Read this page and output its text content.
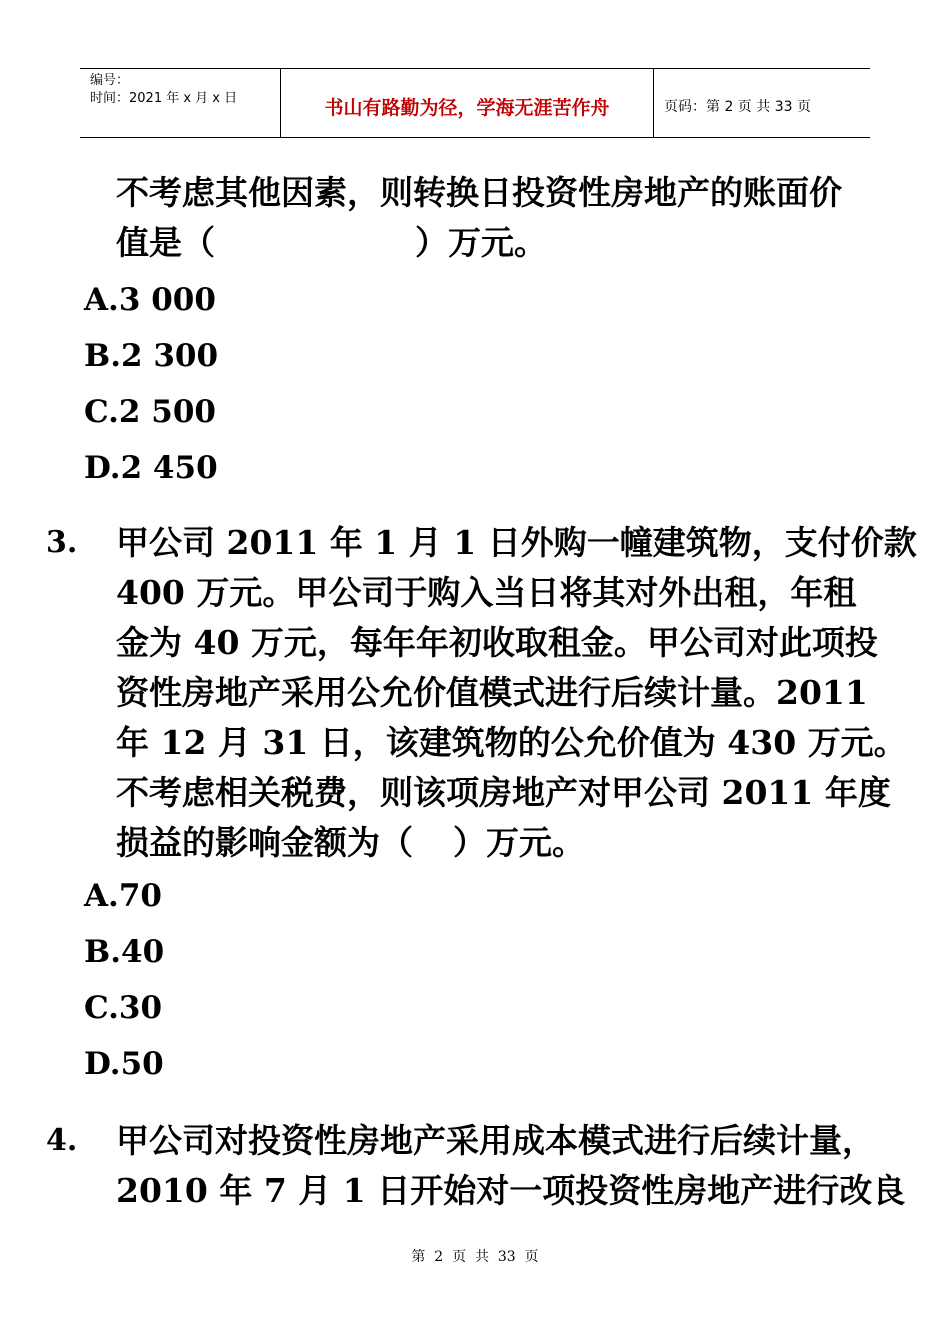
编号：
时间：2021 年 x 月 x 日	书山有路勤为径，学海无涯苦作舟	页码：第 2 页 共 33 页
不考虑其他因素，则转换日投资性房地产的账面价
值是（	）万元。
A.3 000
B.2 300
C.2 500
D.2 450
3. 甲公司 2011 年 1 月 1 日外购一幢建筑物，支付价款
400 万元。甲公司于购入当日将其对外出租，年租
金为 40 万元，每年年初收取租金。甲公司对此项投
资性房地产采用公允价值模式进行后续计量。2011
年 12 月 31 日，该建筑物的公允价值为 430 万元。
不考虑相关税费，则该项房地产对甲公司 2011 年度
损益的影响金额为（ ）万元。
A.70
B.40
C.30
D.50
4. 甲公司对投资性房地产采用成本模式进行后续计量，
2010 年 7 月 1 日开始对一项投资性房地产进行改良
第  2  页  共  33  页
